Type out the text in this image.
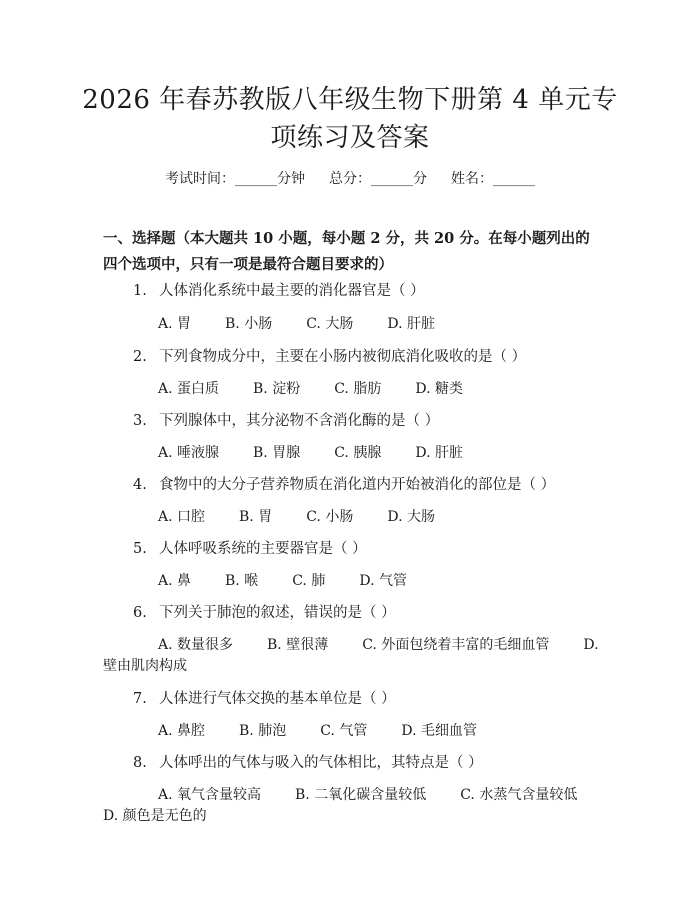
2026 年春苏教版八年级生物下册第 4 单元专
项练习及答案
考试时间：______分钟 总分：______分 姓名：______
一、选择题（本大题共 10 小题，每小题 2 分，共 20 分。在每小题列出的四个选项中，只有一项是最符合题目要求的）
1. 人体消化系统中最主要的消化器官是（ ）
A. 胃 B. 小肠 C. 大肠 D. 肝脏
2. 下列食物成分中，主要在小肠内被彻底消化吸收的是（ ）
A. 蛋白质 B. 淀粉 C. 脂肪 D. 糖类
3. 下列腺体中，其分泌物不含消化酶的是（ ）
A. 唾液腺 B. 胃腺 C. 胰腺 D. 肝脏
4. 食物中的大分子营养物质在消化道内开始被消化的部位是（ ）
A. 口腔 B. 胃 C. 小肠 D. 大肠
5. 人体呼吸系统的主要器官是（ ）
A. 鼻 B. 喉 C. 肺 D. 气管
6. 下列关于肺泡的叙述，错误的是（ ）
A. 数量很多 B. 壁很薄 C. 外面包绕着丰富的毛细血管 D.
壁由肌肉构成
7. 人体进行气体交换的基本单位是（ ）
A. 鼻腔 B. 肺泡 C. 气管 D. 毛细血管
8. 人体呼出的气体与吸入的气体相比，其特点是（ ）
A. 氧气含量较高 B. 二氧化碳含量较低 C. 水蒸气含量较低
D. 颜色是无色的
